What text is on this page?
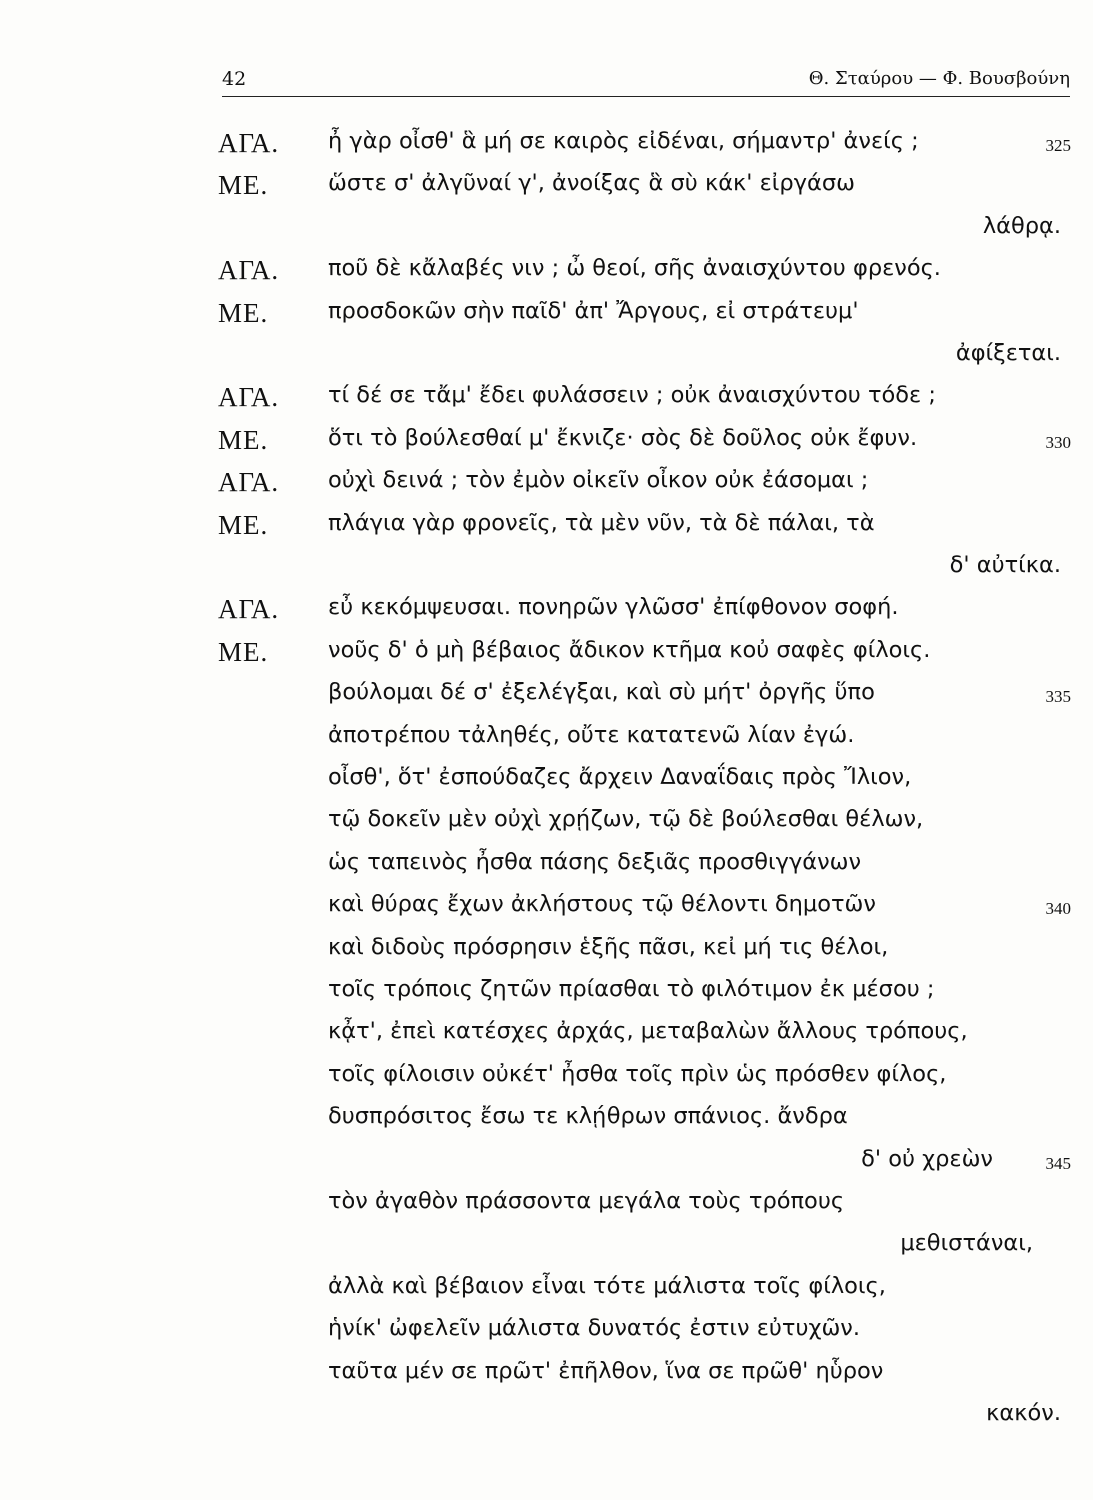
42	Θ. Σταύρου — Φ. Βουσβούνη
ΑΓΑ. ἦ γὰρ οἶσθ' ἃ μή σε καιρὸς εἰδέναι, σήμαντρ' ἀνείς ;	325
ΜΕ.	ὥστε σ' ἀλγῦναί γ', ἀνοίξας ἃ σὺ κάκ' εἰργάσω
λάθρᾳ.
ΑΓΑ. ποῦ δὲ κἄλαβές νιν ; ὦ θεοί, σῆς ἀναισχύντου φρενός.
ΜΕ.	προσδοκῶν σὴν παῖδ' ἀπ' Ἄργους, εἰ στράτευμ'
ἀφίξεται.
ΑΓΑ. τί δέ σε τἄμ' ἔδει φυλάσσειν ; οὐκ ἀναισχύντου τόδε ;
ΜΕ.	ὅτι τὸ βούλεσθαί μ' ἔκνιζε· σὸς δὲ δοῦλος οὐκ ἔφυν.	330
ΑΓΑ. οὐχὶ δεινά ; τὸν ἐμὸν οἰκεῖν οἶκον οὐκ ἐάσομαι ;
ΜΕ.	πλάγια γὰρ φρονεῖς, τὰ μὲν νῦν, τὰ δὲ πάλαι, τὰ
δ' αὐτίκα.
ΑΓΑ. εὖ κεκόμψευσαι. πονηρῶν γλῶσσ' ἐπίφθονον σοφή.
ΜΕ.	νοῦς δ' ὁ μὴ βέβαιος ἄδικον κτῆμα κοὐ σαφὲς φίλοις.
βούλομαι δέ σ' ἐξελέγξαι, καὶ σὺ μήτ' ὀργῆς ὕπο	335
ἀποτρέπου τἀληθές, οὔτε κατατενῶ λίαν ἐγώ.
οἶσθ', ὅτ' ἐσπούδαζες ἄρχειν Δαναΐδαις πρὸς Ἴλιον,
τῷ δοκεῖν μὲν οὐχὶ χρῄζων, τῷ δὲ βούλεσθαι θέλων,
ὡς ταπεινὸς ἦσθα πάσης δεξιᾶς προσθιγγάνων
καὶ θύρας ἔχων ἀκλήστους τῷ θέλοντι δημοτῶν	340
καὶ διδοὺς πρόσρησιν ἑξῆς πᾶσι, κεἰ μή τις θέλοι,
τοῖς τρόποις ζητῶν πρίασθαι τὸ φιλότιμον ἐκ μέσου ;
κᾆτ', ἐπεὶ κατέσχες ἀρχάς, μεταβαλὼν ἄλλους τρόπους,
τοῖς φίλοισιν οὐκέτ' ἦσθα τοῖς πρὶν ὡς πρόσθεν φίλος,
δυσπρόσιτος ἔσω τε κλῄθρων σπάνιος. ἄνδρα
δ' οὐ χρεὼν	345
τὸν ἀγαθὸν πράσσοντα μεγάλα τοὺς τρόπους
μεθιστάναι,
ἀλλὰ καὶ βέβαιον εἶναι τότε μάλιστα τοῖς φίλοις,
ἡνίκ' ὠφελεῖν μάλιστα δυνατός ἐστιν εὐτυχῶν.
ταῦτα μέν σε πρῶτ' ἐπῆλθον, ἵνα σε πρῶθ' ηὗρον
κακόν.
